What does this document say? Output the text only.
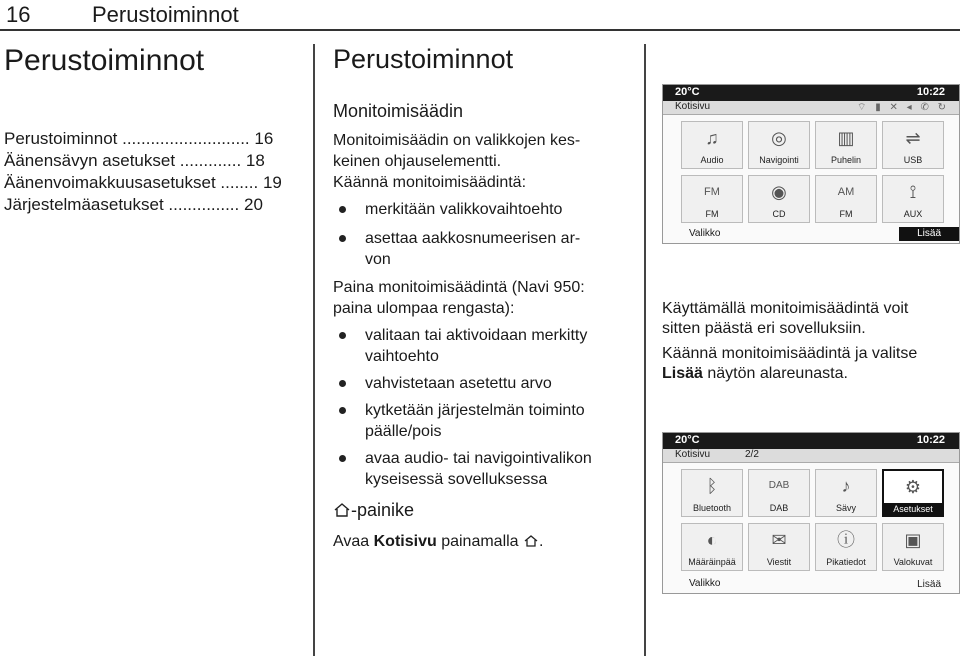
16	Perustoiminnot
Perustoiminnot
Perustoiminnot ........................... 16
Äänensävyn asetukset ............. 18
Äänenvoimakkuusasetukset ........ 19
Järjestelmäasetukset ............... 20
Perustoiminnot
Monitoimisäädin

Monitoimisäädin on valikkojen kes-

keinen ohjauselementti.

Käännä monitoimisäädintä:

merkitään valikkovaihtoehto
asettaa aakkosnumeerisen ar-
von

Paina monitoimisäädintä (Navi 950:

paina ulompaa rengasta):

valitaan tai aktivoidaan merkitty
vaihtoehto
vahvistetaan asetettu arvo
kytketään järjestelmän toiminto
päälle/pois
avaa audio- tai navigointivalikon
kyseisessä sovelluksessa
-painike

Avaa Kotisivu painamalla .

20°C	10:22
Kotisivu	⌔ ▮ ✕ ◂ ✆ ↻
♫
Audio
◎
Navigointi
▥
Puhelin
⇌
USB
FM
FM
◉
CD
AM
FM
⟟
AUX
Valikko	Lisää

Käyttämällä monitoimisäädintä voit

sitten päästä eri sovelluksiin.

Käännä monitoimisäädintä ja valitse

Lisää näytön alareunasta.

20°C	10:22
Kotisivu	2/2
ᛒ
Bluetooth
DAB
DAB
♪
Sävy
⚙
Asetukset
◐
Määräinpää
✉
Viestit
ⓘ
Pikatiedot
▣
Valokuvat
Valikko	Lisää
